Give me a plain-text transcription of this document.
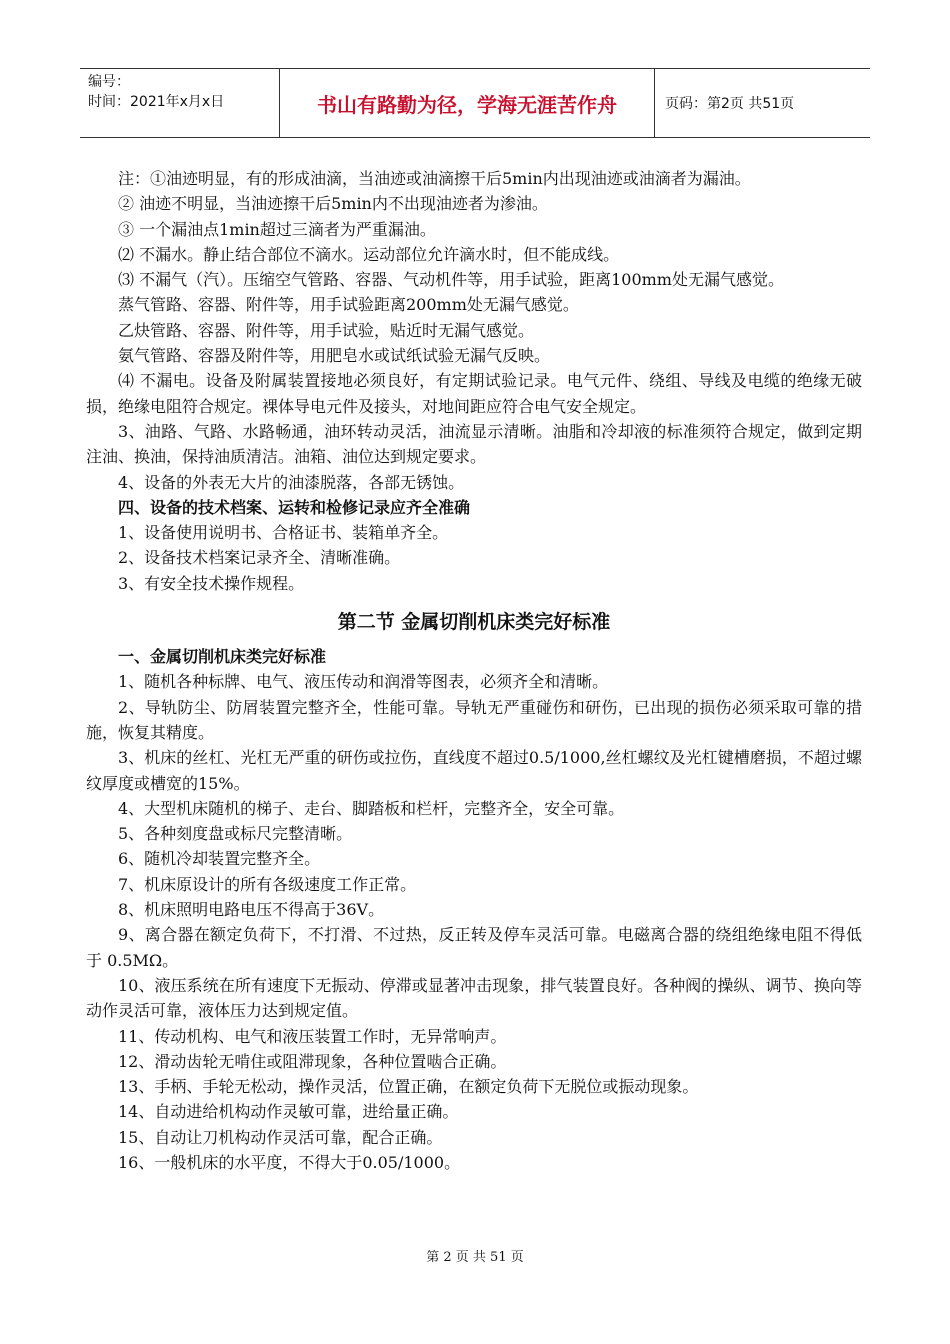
编号：
时间：2021年x月x日	书山有路勤为径，学海无涯苦作舟	页码：第2页 共51页

注：①油迹明显，有的形成油滴，当油迹或油滴擦干后5min内出现油迹或油滴者为漏油。

② 油迹不明显，当油迹擦干后5min内不出现油迹者为渗油。

③ 一个漏油点1min超过三滴者为严重漏油。

⑵ 不漏水。静止结合部位不滴水。运动部位允许滴水时，但不能成线。

⑶ 不漏气（汽）。压缩空气管路、容器、气动机件等，用手试验，距离100mm处无漏气感觉。

蒸气管路、容器、附件等，用手试验距离200mm处无漏气感觉。

乙炔管路、容器、附件等，用手试验，贴近时无漏气感觉。

氨气管路、容器及附件等，用肥皂水或试纸试验无漏气反映。

⑷ 不漏电。设备及附属装置接地必须良好，有定期试验记录。电气元件、绕组、导线及电缆的绝缘无破损，绝缘电阻符合规定。裸体导电元件及接头，对地间距应符合电气安全规定。

3、油路、气路、水路畅通，油环转动灵活，油流显示清晰。油脂和冷却液的标准须符合规定，做到定期注油、换油，保持油质清洁。油箱、油位达到规定要求。

4、设备的外表无大片的油漆脱落，各部无锈蚀。

四、设备的技术档案、运转和检修记录应齐全准确

1、设备使用说明书、合格证书、装箱单齐全。

2、设备技术档案记录齐全、清晰准确。

3、有安全技术操作规程。

第二节 金属切削机床类完好标准

一、金属切削机床类完好标准

1、随机各种标牌、电气、液压传动和润滑等图表，必须齐全和清晰。

2、导轨防尘、防屑装置完整齐全，性能可靠。导轨无严重碰伤和研伤，已出现的损伤必须采取可靠的措施，恢复其精度。

3、机床的丝杠、光杠无严重的研伤或拉伤，直线度不超过0.5/1000,丝杠螺纹及光杠键槽磨损，不超过螺纹厚度或槽宽的15%。

4、大型机床随机的梯子、走台、脚踏板和栏杆，完整齐全，安全可靠。

5、各种刻度盘或标尺完整清晰。

6、随机冷却装置完整齐全。

7、机床原设计的所有各级速度工作正常。

8、机床照明电路电压不得高于36V。

9、离合器在额定负荷下，不打滑、不过热，反正转及停车灵活可靠。电磁离合器的绕组绝缘电阻不得低于 0.5MΩ。

10、液压系统在所有速度下无振动、停滞或显著冲击现象，排气装置良好。各种阀的操纵、调节、换向等动作灵活可靠，液体压力达到规定值。

11、传动机构、电气和液压装置工作时，无异常响声。

12、滑动齿轮无啃住或阻滞现象，各种位置啮合正确。

13、手柄、手轮无松动，操作灵活，位置正确，在额定负荷下无脱位或振动现象。

14、自动进给机构动作灵敏可靠，进给量正确。

15、自动让刀机构动作灵活可靠，配合正确。

16、一般机床的水平度，不得大于0.05/1000。

第 2 页 共 51 页
